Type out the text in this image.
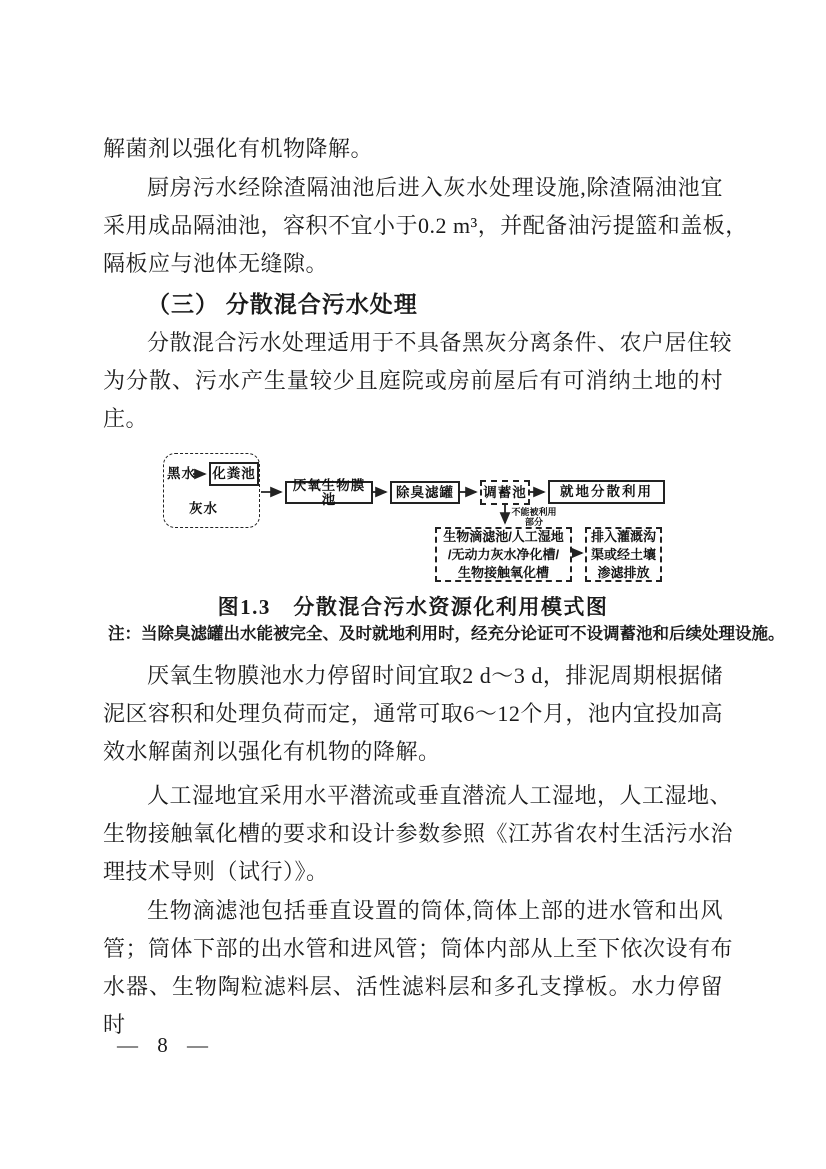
解菌剂以强化有机物降解。
厨房污水经除渣隔油池后进入灰水处理设施,除渣隔油池宜
采用成品隔油池，容积不宜小于0.2 m³，并配备油污提篮和盖板，
隔板应与池体无缝隙。
（三） 分散混合污水处理
分散混合污水处理适用于不具备黑灰分离条件、农户居住较
为分散、污水产生量较少且庭院或房前屋后有可消纳土地的村
庄。
图1.3　分散混合污水资源化利用模式图
注：当除臭滤罐出水能被完全、及时就地利用时，经充分论证可不设调蓄池和后续处理设施。
厌氧生物膜池水力停留时间宜取2 d～3 d，排泥周期根据储
泥区容积和处理负荷而定，通常可取6～12个月，池内宜投加高
效水解菌剂以强化有机物的降解。
人工湿地宜采用水平潜流或垂直潜流人工湿地，人工湿地、
生物接触氧化槽的要求和设计参数参照《江苏省农村生活污水治
理技术导则（试行）》。
生物滴滤池包括垂直设置的筒体,筒体上部的进水管和出风
管；筒体下部的出水管和进风管；筒体内部从上至下依次设有布
水器、生物陶粒滤料层、活性滤料层和多孔支撑板。水力停留时
— 8 —
黑水 化粪池
灰水
厌氧生物膜池	除臭滤罐 调蓄池 就地分散利用
不能被利用
部分
生物滴滤池/人工湿地
/无动力灰水净化槽/
生物接触氧化槽
排入灌溉沟
渠或经土壤
渗滤排放
